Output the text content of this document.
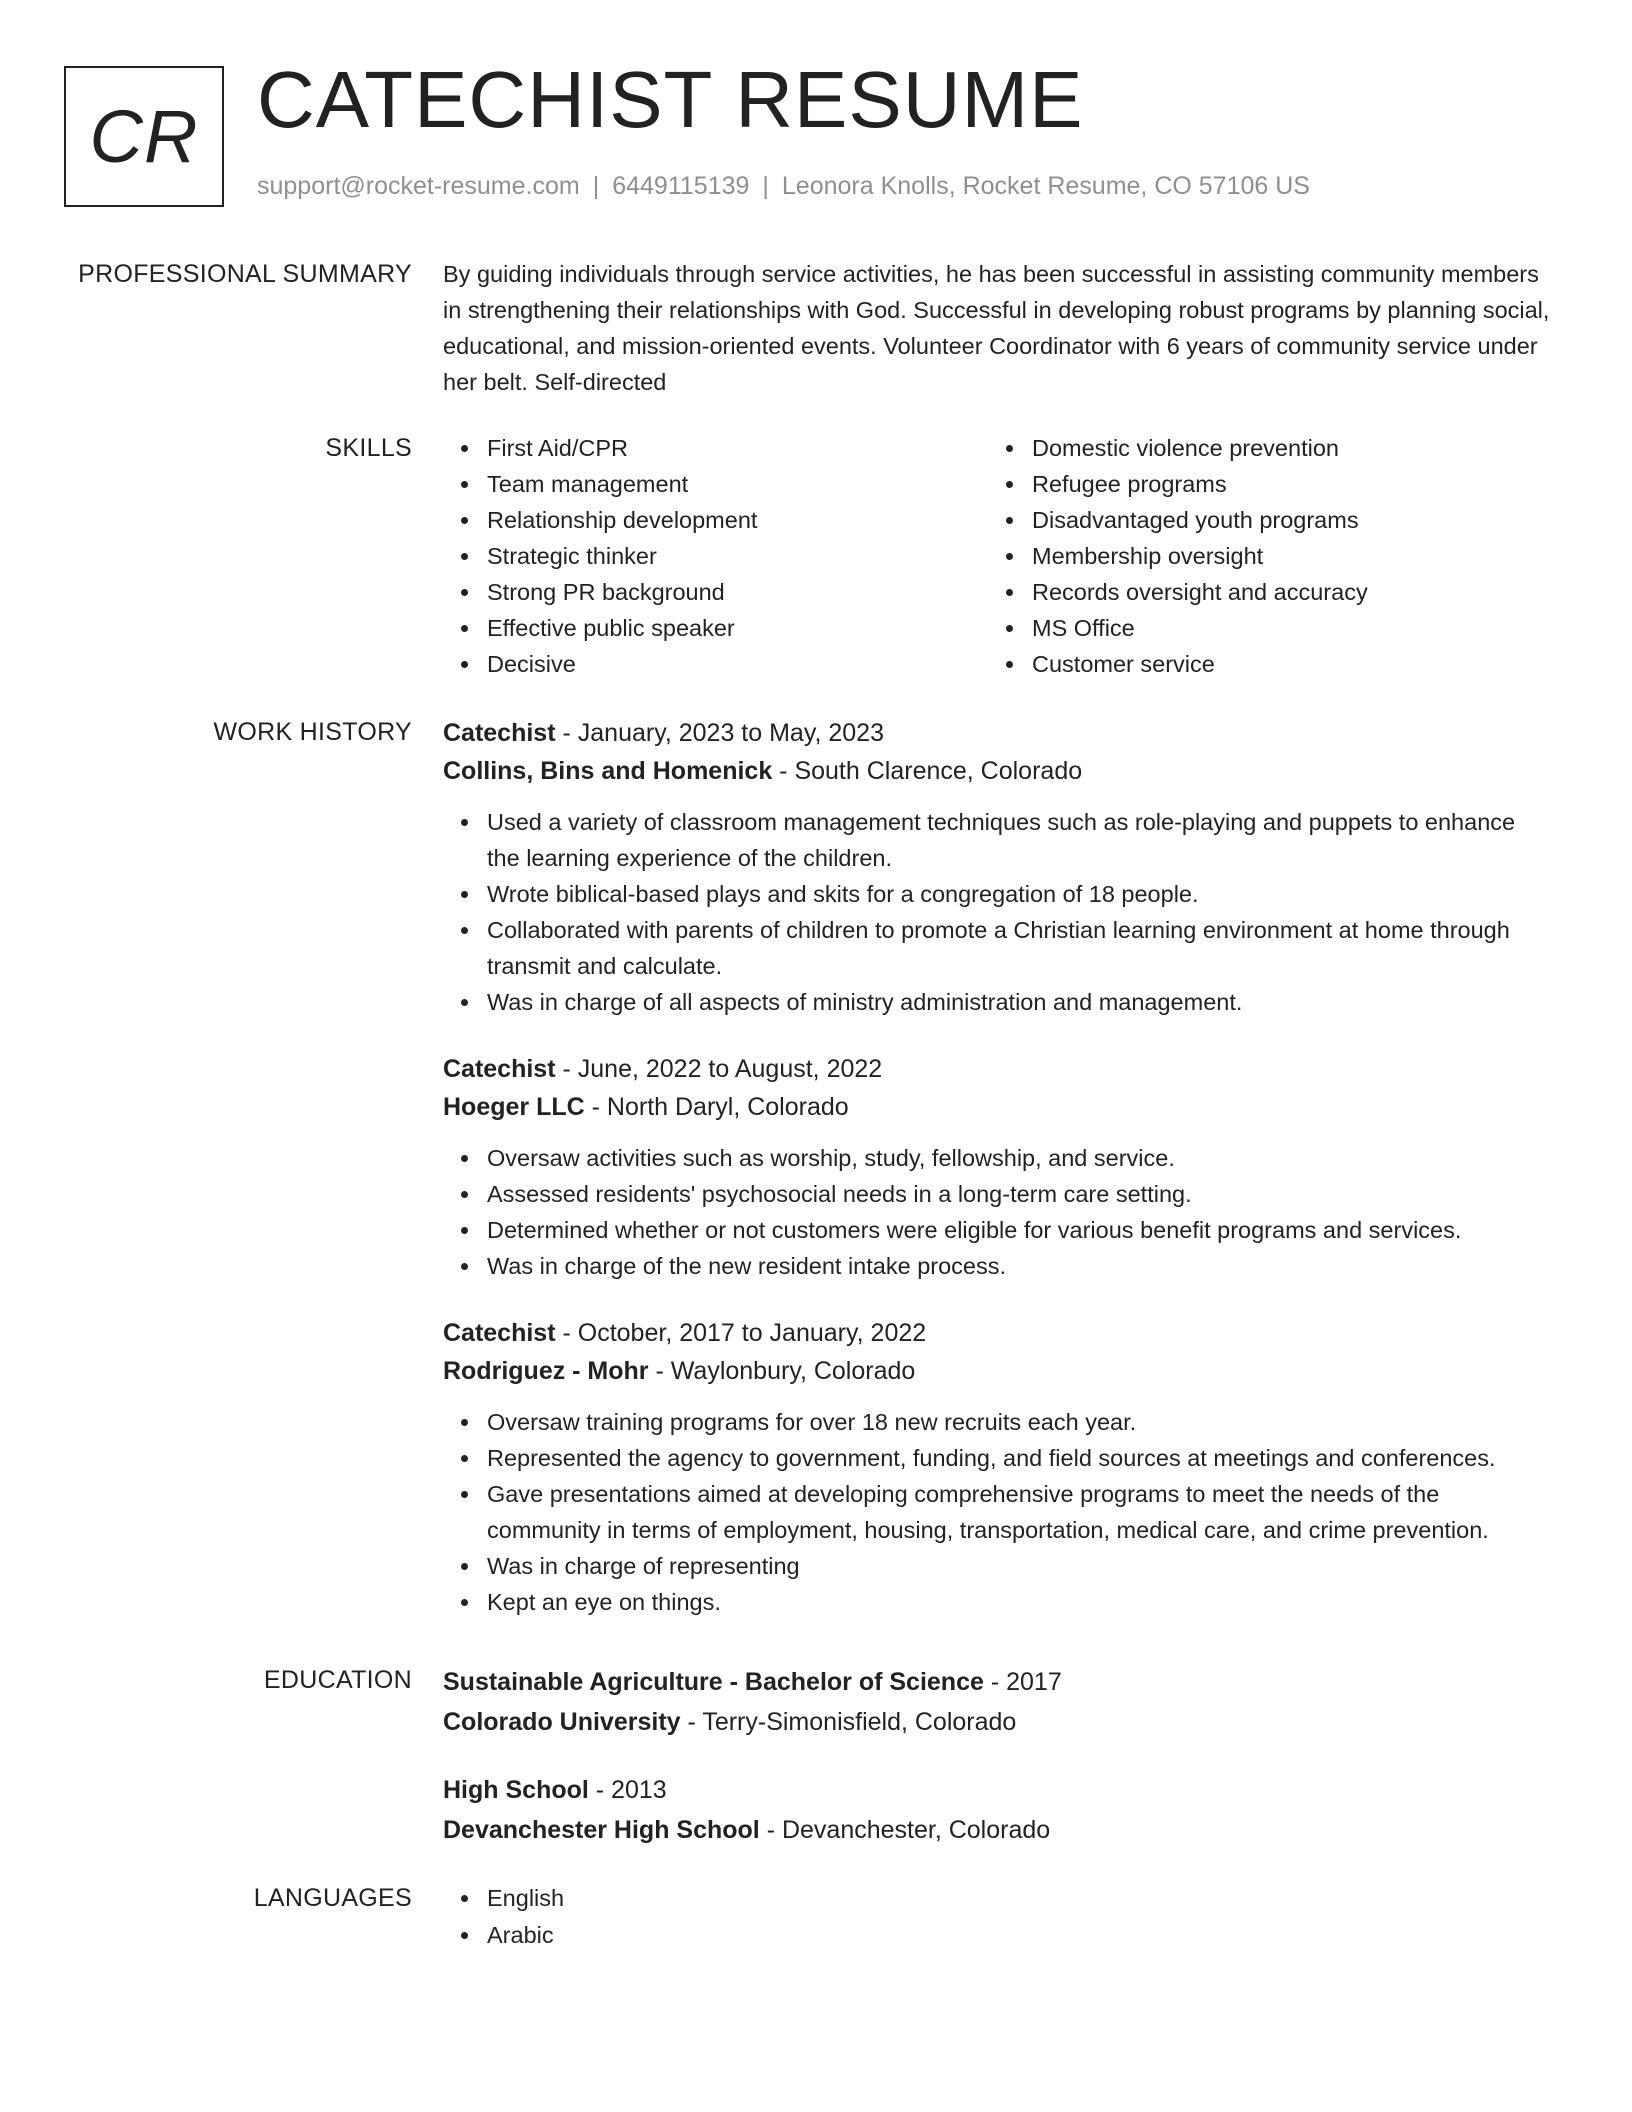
CR CATECHIST RESUME
support@rocket-resume.com | 6449115139 | Leonora Knolls, Rocket Resume, CO 57106 US
PROFESSIONAL SUMMARY By guiding individuals through service activities, he has been successful in assisting community members in strengthening their relationships with God. Successful in developing robust programs by planning social, educational, and mission-oriented events. Volunteer Coordinator with 6 years of community service under her belt. Self-directed

SKILLS	First Aid/CPR
Team management
Relationship development
Strategic thinker
Strong PR background
Effective public speaker
Decisive
Domestic violence prevention
Refugee programs
Disadvantaged youth programs
Membership oversight
Records oversight and accuracy
MS Office
Customer service
WORK HISTORY Catechist - January, 2023 to May, 2023
Collins, Bins and Homenick - South Clarence, Colorado
Used a variety of classroom management techniques such as role-playing and puppets to enhance the learning experience of the children.
Wrote biblical-based plays and skits for a congregation of 18 people.
Collaborated with parents of children to promote a Christian learning environment at home through transmit and calculate.
Was in charge of all aspects of ministry administration and management.
Catechist - June, 2022 to August, 2022
Hoeger LLC - North Daryl, Colorado
Oversaw activities such as worship, study, fellowship, and service.
Assessed residents' psychosocial needs in a long-term care setting.
Determined whether or not customers were eligible for various benefit programs and services.
Was in charge of the new resident intake process.
Catechist - October, 2017 to January, 2022
Rodriguez - Mohr - Waylonbury, Colorado
Oversaw training programs for over 18 new recruits each year.
Represented the agency to government, funding, and field sources at meetings and conferences.
Gave presentations aimed at developing comprehensive programs to meet the needs of the community in terms of employment, housing, transportation, medical care, and crime prevention.
Was in charge of representing
Kept an eye on things.
EDUCATION Sustainable Agriculture - Bachelor of Science - 2017
Colorado University - Terry-Simonisfield, Colorado
High School - 2013
Devanchester High School - Devanchester, Colorado
LANGUAGES	English
Arabic
